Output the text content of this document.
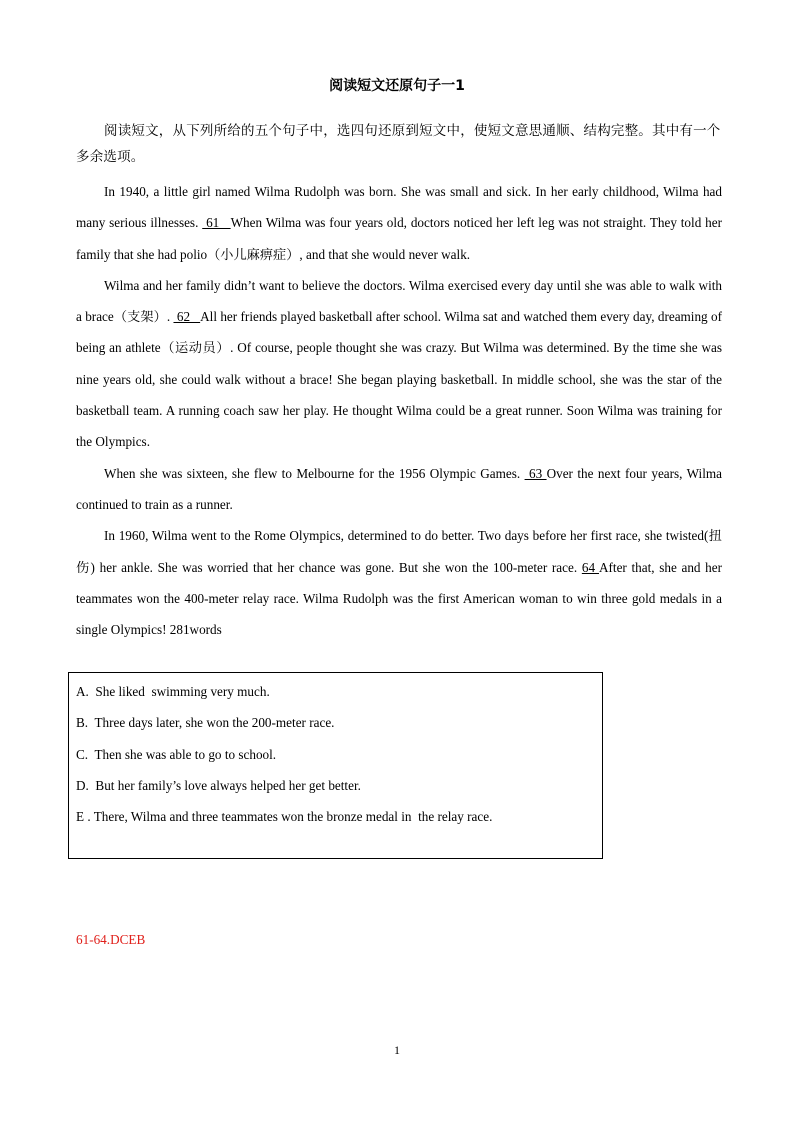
阅读短文还原句子一1
阅读短文，从下列所给的五个句子中，选四句还原到短文中，使短文意思通顺、结构完整。其中有一个多余选项。

In 1940, a little girl named Wilma Rudolph was born. She was small and sick. In her early childhood, Wilma had many serious illnesses.  61   When Wilma was four years old, doctors noticed her left leg was not straight. They told her family that she had polio（小儿麻痹症）, and that she would never walk.

Wilma and her family didn’t want to believe the doctors. Wilma exercised every day until she was able to walk with a brace（支架）.  62   All her friends played basketball after school. Wilma sat and watched them every day, dreaming of being an athlete（运动员）. Of course, people thought she was crazy. But Wilma was determined. By the time she was nine years old, she could walk without a brace! She began playing basketball. In middle school, she was the star of the basketball team. A running coach saw her play. He thought Wilma could be a great runner. Soon Wilma was training for the Olympics.

When she was sixteen, she flew to Melbourne for the 1956 Olympic Games.  63 Over the next four years, Wilma continued to train as a runner.

In 1960, Wilma went to the Rome Olympics, determined to do better. Two days before her first race, she twisted(扭伤) her ankle. She was worried that her chance was gone. But she won the 100-meter race. 64 After that, she and her teammates won the 400-meter relay race. Wilma Rudolph was the first American woman to win three gold medals in a single Olympics! 281words

A.  She liked  swimming very much.
B.  Three days later, she won the 200-meter race.
C.  Then she was able to go to school.
D.  But her family’s love always helped her get better.
E . There, Wilma and three teammates won the bronze medal in  the relay race.
61-64.DCEB
1
